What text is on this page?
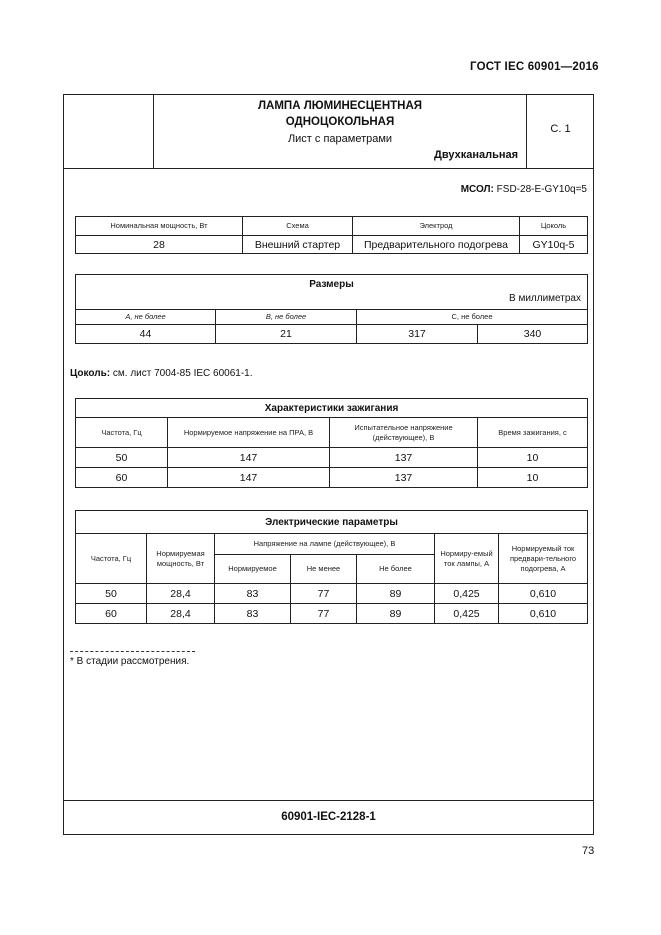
ГОСТ IEC 60901—2016
ЛАМПА ЛЮМИНЕСЦЕНТНАЯ
ОДНОЦОКОЛЬНАЯ
Лист с параметрами
Двухканальная
С. 1
МСОЛ: FSD-28-E-GY10q=5
Номинальная мощность, Вт	Схема	Электрод	Цоколь
28	Внешний стартер	Предварительного подогрева	GY10q-5
Размеры
В миллиметрах			

A, не более	B, не более	C, не более	
44	21	317	340
Цоколь: см. лист 7004-85 IEC 60061-1.
Характеристики зажигания			
Частота, Гц	Нормируемое напряжение на ПРА, В	Испытательное напряжение (действующее), В	Время зажигания, с
50	147	137	10
60	147	137	10
Электрические параметры						
Частота, Гц	Нормируемая мощность, Вт	Напряжение на лампе (действующее), В			Нормиру-емый ток лампы, А	Нормируемый ток предвари-тельного подогрева, А
		Нормируемое	Не менее	Не более		
50	28,4	83	77	89	0,425	0,610
60	28,4	83	77	89	0,425	0,610
* В стадии рассмотрения.
60901-IEC-2128-1
73
